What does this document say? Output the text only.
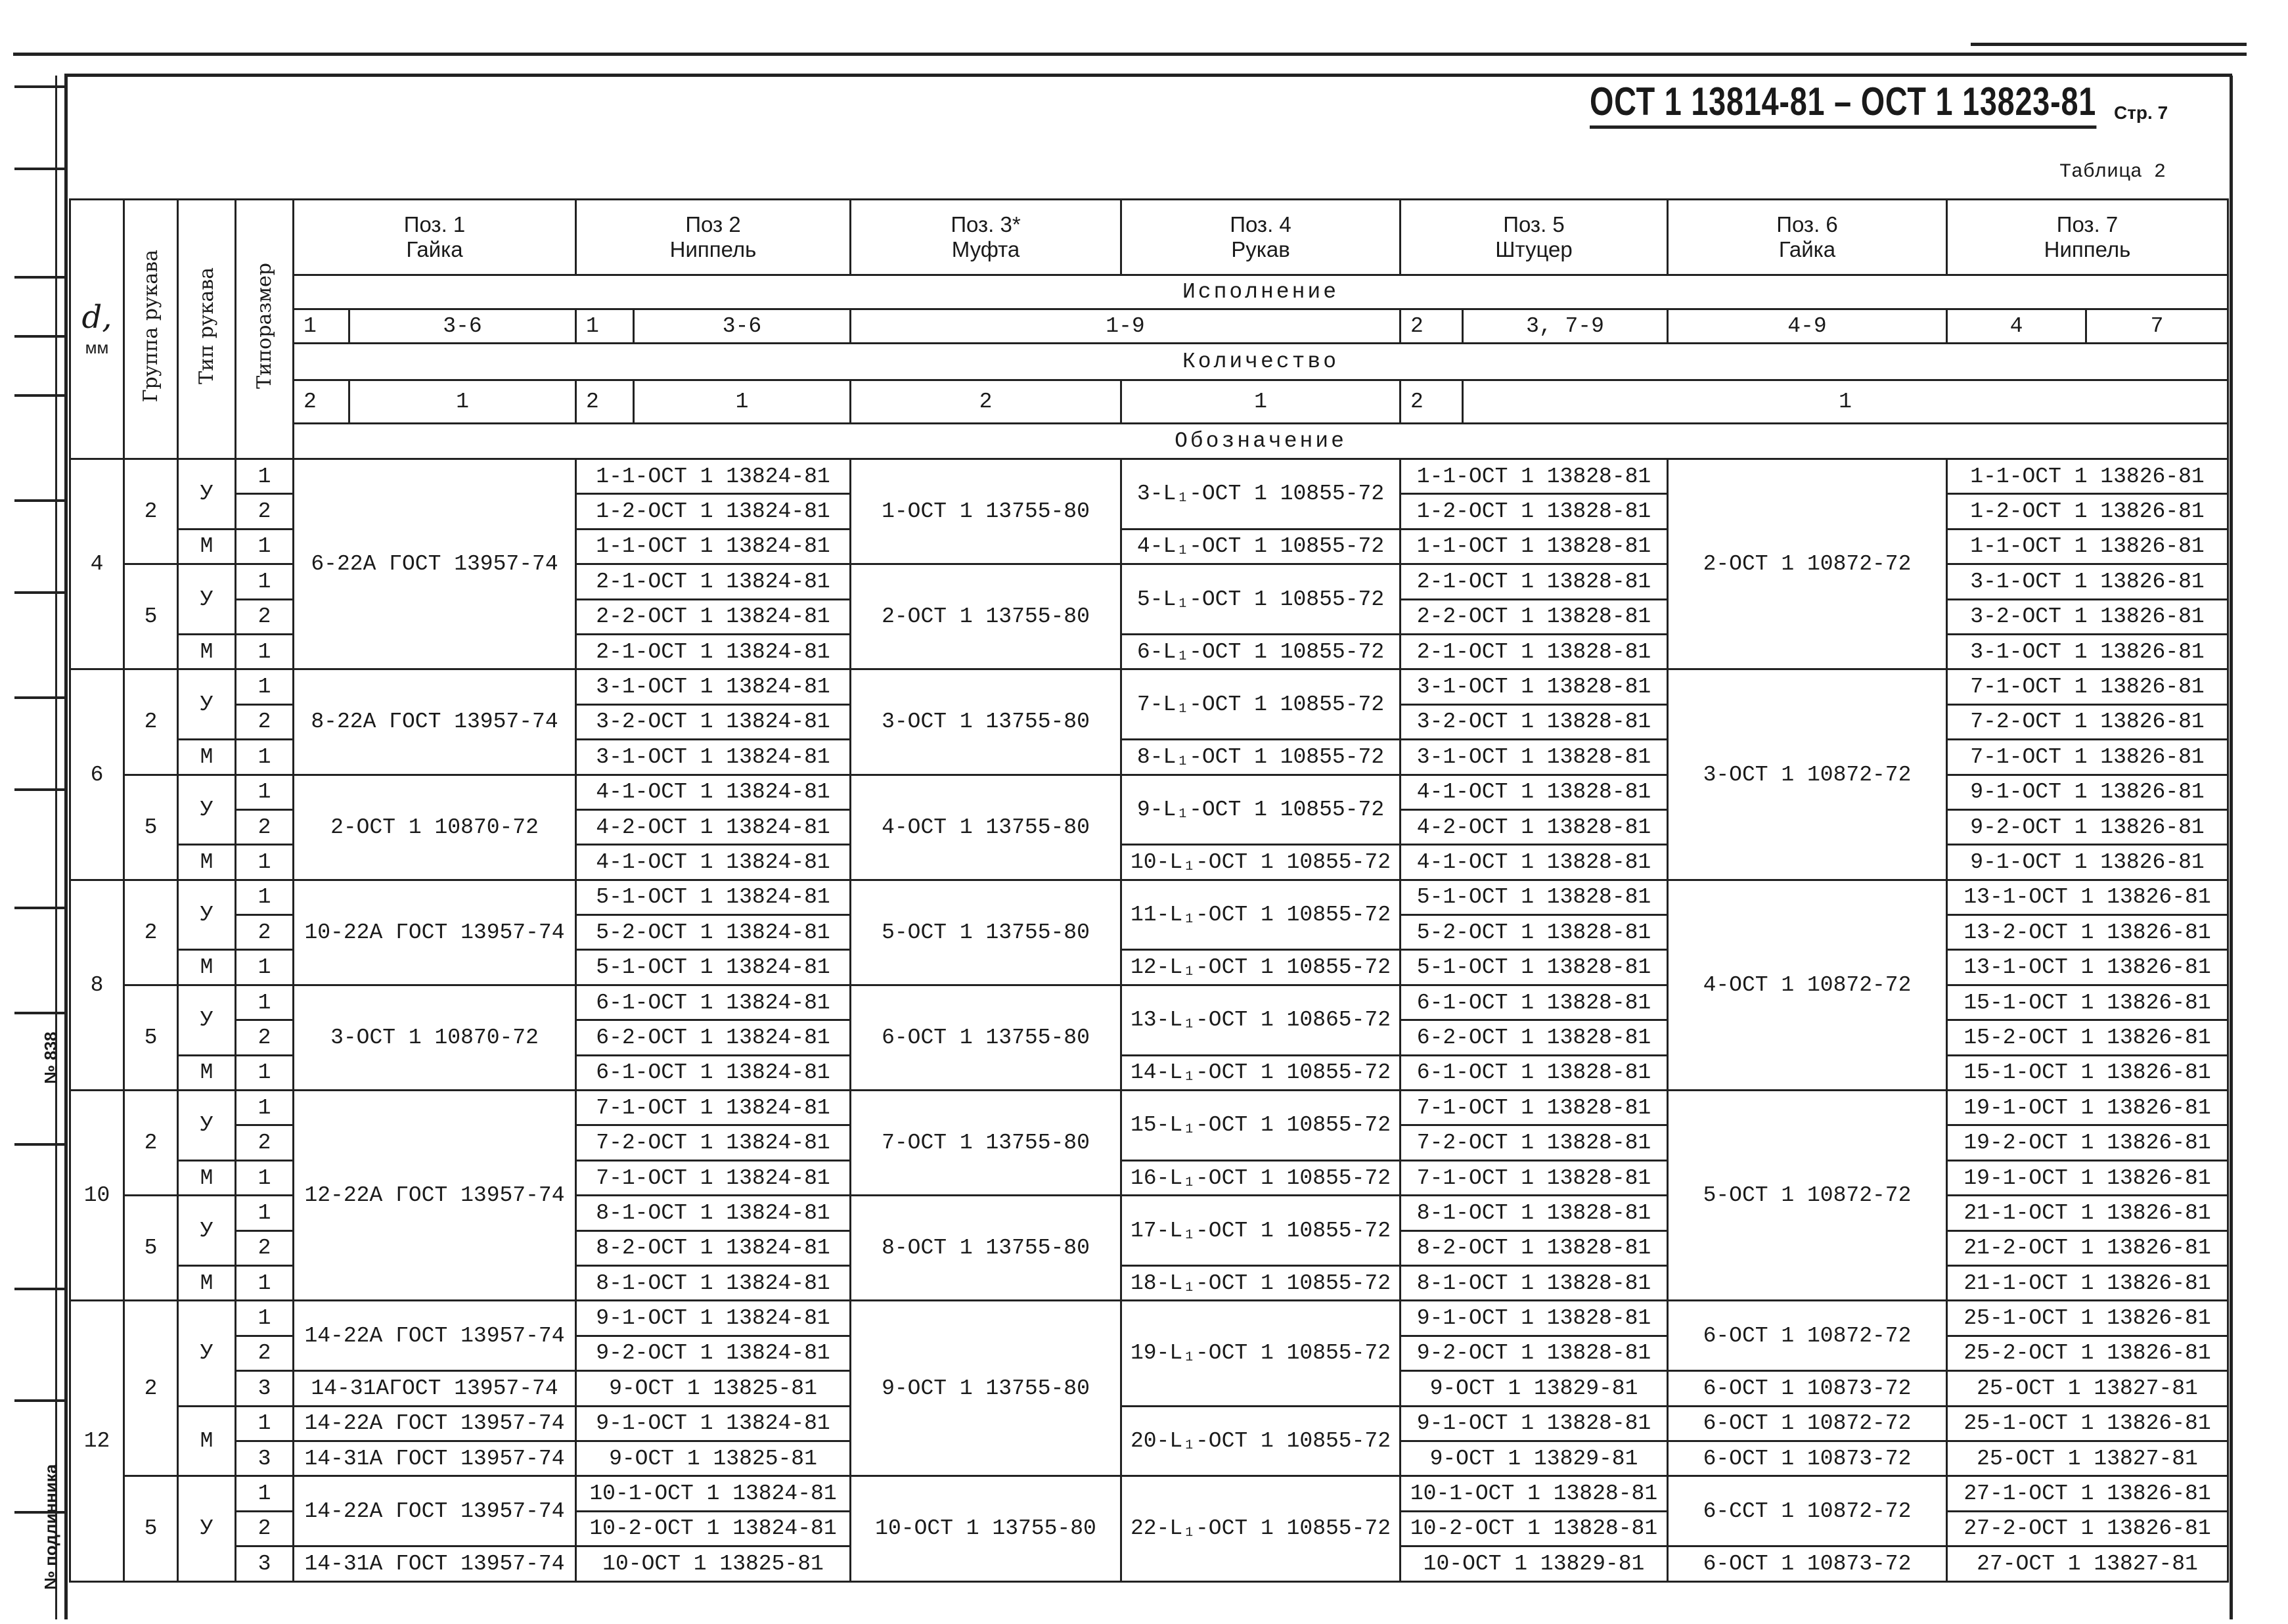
№ 838
№ подлинника
ОСТ 1 13814-81 – ОСТ 1 13823-81 Стр. 7
Таблица 2
d,
мм	Группа рукава	Тип рукава	Типоразмер	Поз. 1
Гайка		Поз 2
Ниппель		Поз. 3*
Муфта	Поз. 4
Рукав	Поз. 5
Штуцер		Поз. 6
Гайка	Поз. 7
Ниппель	
				Исполнение										
				1	3-6	1	3-6	1-9		2	3, 7-9	4-9	4	7
				Количество										
				2	1	2	1	2	1	2	1			
				Обозначение										
4	2	У	1	6-22А ГОСТ 13957-74		1-1-ОСТ 1 13824-81		1-ОСТ 1 13755-80	3-L₁-ОСТ 1 10855-72	1-1-ОСТ 1 13828-81		2-ОСТ 1 10872-72	1-1-ОСТ 1 13826-81	
			2			1-2-ОСТ 1 13824-81				1-2-ОСТ 1 13828-81			1-2-ОСТ 1 13826-81	
		М	1			1-1-ОСТ 1 13824-81			4-L₁-ОСТ 1 10855-72	1-1-ОСТ 1 13828-81			1-1-ОСТ 1 13826-81	
	5	У	1			2-1-ОСТ 1 13824-81		2-ОСТ 1 13755-80	5-L₁-ОСТ 1 10855-72	2-1-ОСТ 1 13828-81			3-1-ОСТ 1 13826-81	
			2			2-2-ОСТ 1 13824-81				2-2-ОСТ 1 13828-81			3-2-ОСТ 1 13826-81	
		М	1			2-1-ОСТ 1 13824-81			6-L₁-ОСТ 1 10855-72	2-1-ОСТ 1 13828-81			3-1-ОСТ 1 13826-81	
6	2	У	1	8-22А ГОСТ 13957-74		3-1-ОСТ 1 13824-81		3-ОСТ 1 13755-80	7-L₁-ОСТ 1 10855-72	3-1-ОСТ 1 13828-81		3-ОСТ 1 10872-72	7-1-ОСТ 1 13826-81	
			2			3-2-ОСТ 1 13824-81				3-2-ОСТ 1 13828-81			7-2-ОСТ 1 13826-81	
		М	1			3-1-ОСТ 1 13824-81			8-L₁-ОСТ 1 10855-72	3-1-ОСТ 1 13828-81			7-1-ОСТ 1 13826-81	
	5	У	1	2-ОСТ 1 10870-72		4-1-ОСТ 1 13824-81		4-ОСТ 1 13755-80	9-L₁-ОСТ 1 10855-72	4-1-ОСТ 1 13828-81			9-1-ОСТ 1 13826-81	
			2			4-2-ОСТ 1 13824-81				4-2-ОСТ 1 13828-81			9-2-ОСТ 1 13826-81	
		М	1			4-1-ОСТ 1 13824-81			10-L₁-ОСТ 1 10855-72	4-1-ОСТ 1 13828-81			9-1-ОСТ 1 13826-81	
8	2	У	1	10-22А ГОСТ 13957-74		5-1-ОСТ 1 13824-81		5-ОСТ 1 13755-80	11-L₁-ОСТ 1 10855-72	5-1-ОСТ 1 13828-81		4-ОСТ 1 10872-72	13-1-ОСТ 1 13826-81	
			2			5-2-ОСТ 1 13824-81				5-2-ОСТ 1 13828-81			13-2-ОСТ 1 13826-81	
		М	1			5-1-ОСТ 1 13824-81			12-L₁-ОСТ 1 10855-72	5-1-ОСТ 1 13828-81			13-1-ОСТ 1 13826-81	
	5	У	1	3-ОСТ 1 10870-72		6-1-ОСТ 1 13824-81		6-ОСТ 1 13755-80	13-L₁-ОСТ 1 10865-72	6-1-ОСТ 1 13828-81			15-1-ОСТ 1 13826-81	
			2			6-2-ОСТ 1 13824-81				6-2-ОСТ 1 13828-81			15-2-ОСТ 1 13826-81	
		М	1			6-1-ОСТ 1 13824-81			14-L₁-ОСТ 1 10855-72	6-1-ОСТ 1 13828-81			15-1-ОСТ 1 13826-81	
10	2	У	1	12-22А ГОСТ 13957-74		7-1-ОСТ 1 13824-81		7-ОСТ 1 13755-80	15-L₁-ОСТ 1 10855-72	7-1-ОСТ 1 13828-81		5-ОСТ 1 10872-72	19-1-ОСТ 1 13826-81	
			2			7-2-ОСТ 1 13824-81				7-2-ОСТ 1 13828-81			19-2-ОСТ 1 13826-81	
		М	1			7-1-ОСТ 1 13824-81			16-L₁-ОСТ 1 10855-72	7-1-ОСТ 1 13828-81			19-1-ОСТ 1 13826-81	
	5	У	1			8-1-ОСТ 1 13824-81		8-ОСТ 1 13755-80	17-L₁-ОСТ 1 10855-72	8-1-ОСТ 1 13828-81			21-1-ОСТ 1 13826-81	
			2			8-2-ОСТ 1 13824-81				8-2-ОСТ 1 13828-81			21-2-ОСТ 1 13826-81	
		М	1			8-1-ОСТ 1 13824-81			18-L₁-ОСТ 1 10855-72	8-1-ОСТ 1 13828-81			21-1-ОСТ 1 13826-81	
12	2	У	1	14-22А ГОСТ 13957-74		9-1-ОСТ 1 13824-81		9-ОСТ 1 13755-80	19-L₁-ОСТ 1 10855-72	9-1-ОСТ 1 13828-81		6-ОСТ 1 10872-72	25-1-ОСТ 1 13826-81	
			2			9-2-ОСТ 1 13824-81				9-2-ОСТ 1 13828-81			25-2-ОСТ 1 13826-81	
			3	14-31АГОСТ 13957-74		9-ОСТ 1 13825-81				9-ОСТ 1 13829-81		6-ОСТ 1 10873-72	25-ОСТ 1 13827-81	
		М	1	14-22А ГОСТ 13957-74		9-1-ОСТ 1 13824-81			20-L₁-ОСТ 1 10855-72	9-1-ОСТ 1 13828-81		6-ОСТ 1 10872-72	25-1-ОСТ 1 13826-81	
			3	14-31А ГОСТ 13957-74		9-ОСТ 1 13825-81				9-ОСТ 1 13829-81		6-ОСТ 1 10873-72	25-ОСТ 1 13827-81	
	5	У	1	14-22А ГОСТ 13957-74		10-1-ОСТ 1 13824-81		10-ОСТ 1 13755-80	22-L₁-ОСТ 1 10855-72	10-1-ОСТ 1 13828-81		6-ССТ 1 10872-72	27-1-ОСТ 1 13826-81	
			2			10-2-ОСТ 1 13824-81				10-2-ОСТ 1 13828-81			27-2-ОСТ 1 13826-81	
			3	14-31А ГОСТ 13957-74		10-ОСТ 1 13825-81				10-ОСТ 1 13829-81		6-ОСТ 1 10873-72	27-ОСТ 1 13827-81	
